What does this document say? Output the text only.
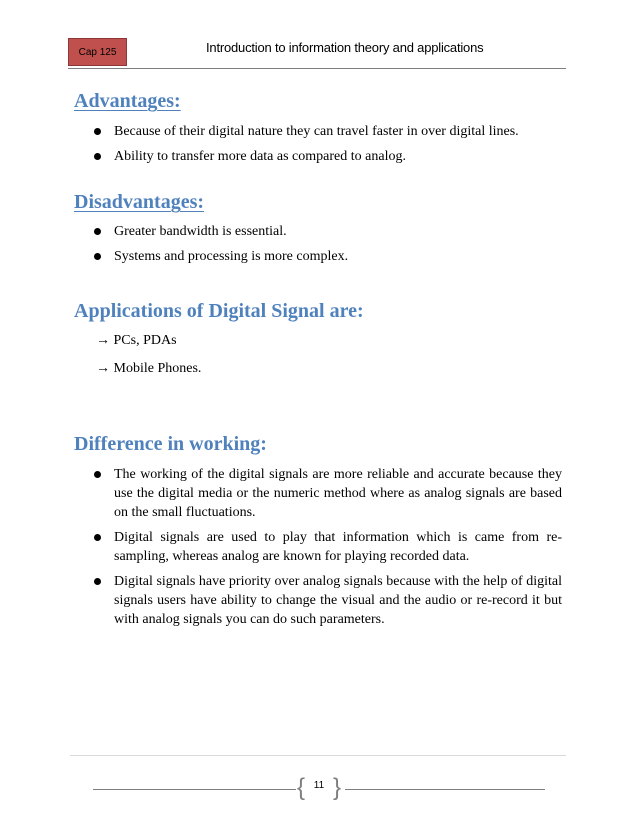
Cap 125	Introduction to information theory and applications
Advantages:
Because of their digital nature they can travel faster in over digital lines.
Ability to transfer more data as compared to analog.
Disadvantages:
Greater bandwidth is essential.
Systems and processing is more complex.
Applications of Digital Signal are:
→ PCs, PDAs
→ Mobile Phones.
Difference in working:
The working of the digital signals are more reliable and accurate because they use the digital media or the numeric method where as analog signals are based on the small fluctuations.
Digital signals are used to play that information which is came from re-sampling, whereas analog are known for playing recorded data.
Digital signals have priority over analog signals because with the help of digital signals users have ability to change the visual and the audio or re-record it but with analog signals you can do such parameters.
{ 11 }
